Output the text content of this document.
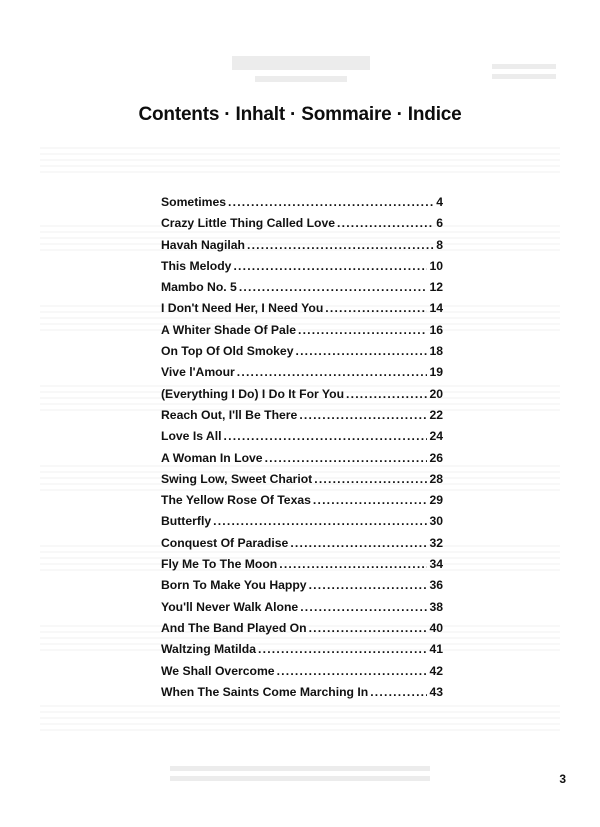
Contents · Inhalt · Sommaire · Indice
Sometimes .....	4
Crazy Little Thing Called Love .....	6
Havah Nagilah .....	8
This Melody .....	10
Mambo No. 5 .....	12
I Don't Need Her, I Need You .....	14
A Whiter Shade Of Pale .....	16
On Top Of Old Smokey .....	18
Vive l'Amour .....	19
(Everything I Do) I Do It For You .....	20
Reach Out, I'll Be There .....	22
Love Is All .....	24
A Woman In Love .....	26
Swing Low, Sweet Chariot .....	28
The Yellow Rose Of Texas .....	29
Butterfly .....	30
Conquest Of Paradise .....	32
Fly Me To The Moon .....	34
Born To Make You Happy .....	36
You'll Never Walk Alone .....	38
And The Band Played On .....	40
Waltzing Matilda .....	41
We Shall Overcome .....	42
When The Saints Come Marching In .....	43
3
